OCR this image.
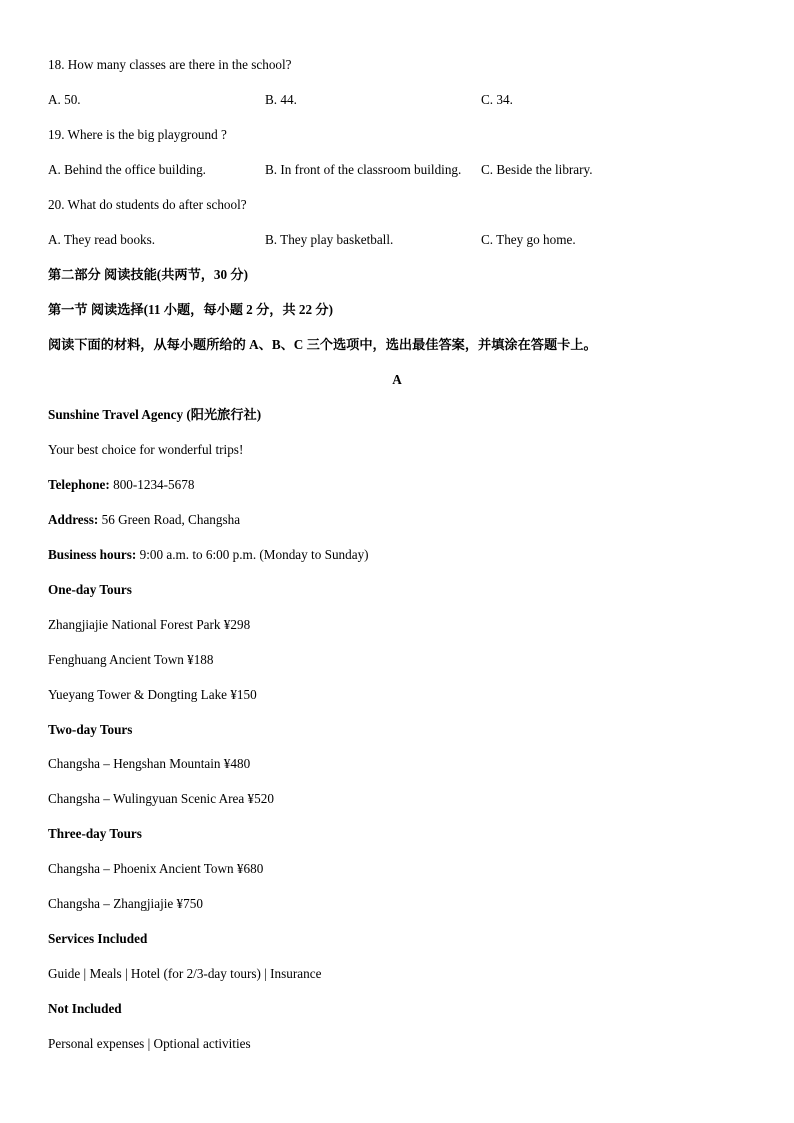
18. How many classes are there in the school?
A. 50.	B. 44.	C. 34.
19. Where is the big playground ?
A. Behind the office building.	B. In front of the classroom building. C. Beside the library.
20. What do students do after school?
A. They read books.	B. They play basketball.	C. They go home.
第二部分 阅读技能(共两节，30 分)
第一节 阅读选择(11 小题，每小题 2 分，共 22 分)
阅读下面的材料，从每小题所给的 A、B、C 三个选项中，选出最佳答案，并填涂在答题卡上。
A
Sunshine Travel Agency (阳光旅行社)
Your best choice for wonderful trips!
Telephone: 800-1234-5678
Address: 56 Green Road, Changsha
Business hours: 9:00 a.m. to 6:00 p.m. (Monday to Sunday)
One-day Tours
Zhangjiajie National Forest Park ¥298
Fenghuang Ancient Town ¥188
Yueyang Tower & Dongting Lake ¥150
Two-day Tours
Changsha – Hengshan Mountain ¥480
Changsha – Wulingyuan Scenic Area ¥520
Three-day Tours
Changsha – Phoenix Ancient Town ¥680
Changsha – Zhangjiajie ¥750
Services Included
Guide | Meals | Hotel (for 2/3-day tours) | Insurance
Not Included
Personal expenses | Optional activities
